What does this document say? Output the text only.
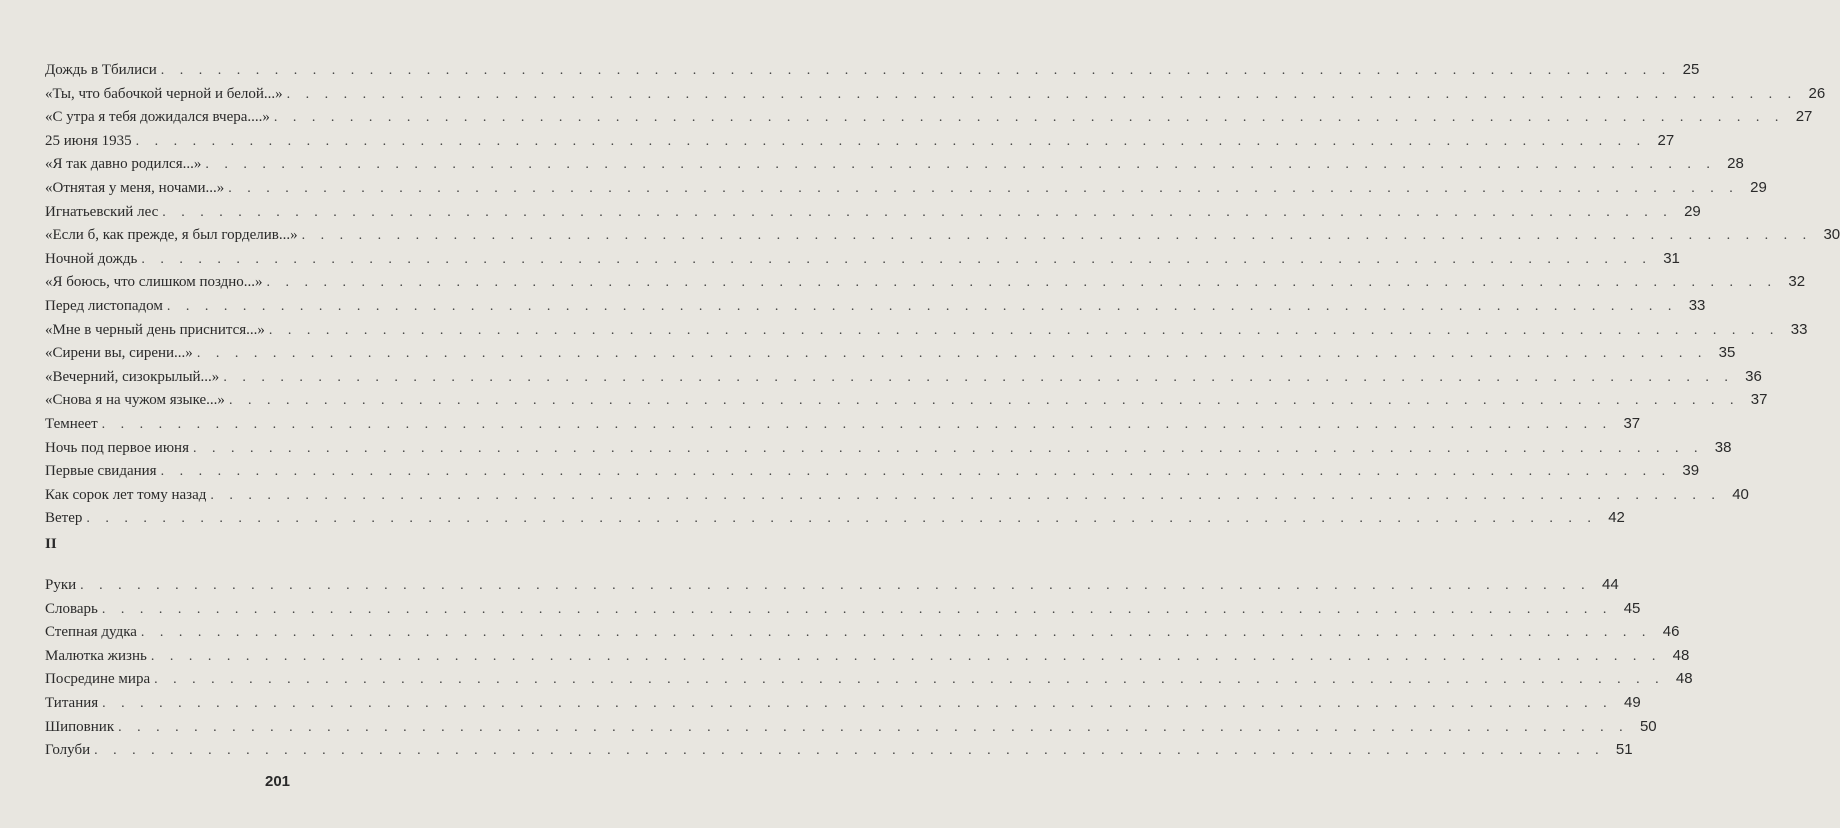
Дождь в Тбилиси . . . . . . . . . . . . . . . . . . . . . . . . . . . . . . . . . . . . . . . . . . . . . . . . . . . . . . . . . . . . . . . . . . . . . . . . . . . . . . . . 25
«Ты, что бабочкой черной и белой...» . . . . . . . . . . . . . . . . . . . . . . . . . . . . . . . . . . . . . . . . . . . . . . . . . . . . . . . . . . . . . . . . . . . . . . . . . . . . . . . . 26
«С утра я тебя дожидался вчера....» . . . . . . . . . . . . . . . . . . . . . . . . . . . . . . . . . . . . . . . . . . . . . . . . . . . . . . . . . . . . . . . . . . . . . . . . . . . . . . . . 27
25 июня 1935 . . . . . . . . . . . . . . . . . . . . . . . . . . . . . . . . . . . . . . . . . . . . . . . . . . . . . . . . . . . . . . . . . . . . . . . . . . . . . . . . 27
«Я так давно родился...» . . . . . . . . . . . . . . . . . . . . . . . . . . . . . . . . . . . . . . . . . . . . . . . . . . . . . . . . . . . . . . . . . . . . . . . . . . . . . . . . 28
«Отнятая у меня, ночами...» . . . . . . . . . . . . . . . . . . . . . . . . . . . . . . . . . . . . . . . . . . . . . . . . . . . . . . . . . . . . . . . . . . . . . . . . . . . . . . . . 29
Игнатьевский лес . . . . . . . . . . . . . . . . . . . . . . . . . . . . . . . . . . . . . . . . . . . . . . . . . . . . . . . . . . . . . . . . . . . . . . . . . . . . . . . . 29
«Если б, как прежде, я был горделив...» . . . . . . . . . . . . . . . . . . . . . . . . . . . . . . . . . . . . . . . . . . . . . . . . . . . . . . . . . . . . . . . . . . . . . . . . . . . . . . . . 30
Ночной дождь . . . . . . . . . . . . . . . . . . . . . . . . . . . . . . . . . . . . . . . . . . . . . . . . . . . . . . . . . . . . . . . . . . . . . . . . . . . . . . . . 31
«Я боюсь, что слишком поздно...» . . . . . . . . . . . . . . . . . . . . . . . . . . . . . . . . . . . . . . . . . . . . . . . . . . . . . . . . . . . . . . . . . . . . . . . . . . . . . . . . 32
Перед листопадом . . . . . . . . . . . . . . . . . . . . . . . . . . . . . . . . . . . . . . . . . . . . . . . . . . . . . . . . . . . . . . . . . . . . . . . . . . . . . . . . 33
«Мне в черный день приснится...» . . . . . . . . . . . . . . . . . . . . . . . . . . . . . . . . . . . . . . . . . . . . . . . . . . . . . . . . . . . . . . . . . . . . . . . . . . . . . . . . 33
«Сирени вы, сирени...» . . . . . . . . . . . . . . . . . . . . . . . . . . . . . . . . . . . . . . . . . . . . . . . . . . . . . . . . . . . . . . . . . . . . . . . . . . . . . . . . 35
«Вечерний, сизокрылый...» . . . . . . . . . . . . . . . . . . . . . . . . . . . . . . . . . . . . . . . . . . . . . . . . . . . . . . . . . . . . . . . . . . . . . . . . . . . . . . . . 36
«Снова я на чужом языке...» . . . . . . . . . . . . . . . . . . . . . . . . . . . . . . . . . . . . . . . . . . . . . . . . . . . . . . . . . . . . . . . . . . . . . . . . . . . . . . . . 37
Темнеет . . . . . . . . . . . . . . . . . . . . . . . . . . . . . . . . . . . . . . . . . . . . . . . . . . . . . . . . . . . . . . . . . . . . . . . . . . . . . . . . 37
Ночь под первое июня . . . . . . . . . . . . . . . . . . . . . . . . . . . . . . . . . . . . . . . . . . . . . . . . . . . . . . . . . . . . . . . . . . . . . . . . . . . . . . . . 38
Первые свидания . . . . . . . . . . . . . . . . . . . . . . . . . . . . . . . . . . . . . . . . . . . . . . . . . . . . . . . . . . . . . . . . . . . . . . . . . . . . . . . . 39
Как сорок лет тому назад . . . . . . . . . . . . . . . . . . . . . . . . . . . . . . . . . . . . . . . . . . . . . . . . . . . . . . . . . . . . . . . . . . . . . . . . . . . . . . . . 40
Ветер . . . . . . . . . . . . . . . . . . . . . . . . . . . . . . . . . . . . . . . . . . . . . . . . . . . . . . . . . . . . . . . . . . . . . . . . . . . . . . . . 42
II
Руки . . . . . . . . . . . . . . . . . . . . . . . . . . . . . . . . . . . . . . . . . . . . . . . . . . . . . . . . . . . . . . . . . . . . . . . . . . . . . . . . 44
Словарь . . . . . . . . . . . . . . . . . . . . . . . . . . . . . . . . . . . . . . . . . . . . . . . . . . . . . . . . . . . . . . . . . . . . . . . . . . . . . . . . 45
Степная дудка . . . . . . . . . . . . . . . . . . . . . . . . . . . . . . . . . . . . . . . . . . . . . . . . . . . . . . . . . . . . . . . . . . . . . . . . . . . . . . . . 46
Малютка жизнь . . . . . . . . . . . . . . . . . . . . . . . . . . . . . . . . . . . . . . . . . . . . . . . . . . . . . . . . . . . . . . . . . . . . . . . . . . . . . . . . 48
Посредине мира . . . . . . . . . . . . . . . . . . . . . . . . . . . . . . . . . . . . . . . . . . . . . . . . . . . . . . . . . . . . . . . . . . . . . . . . . . . . . . . . 48
Титания . . . . . . . . . . . . . . . . . . . . . . . . . . . . . . . . . . . . . . . . . . . . . . . . . . . . . . . . . . . . . . . . . . . . . . . . . . . . . . . . 49
Шиповник . . . . . . . . . . . . . . . . . . . . . . . . . . . . . . . . . . . . . . . . . . . . . . . . . . . . . . . . . . . . . . . . . . . . . . . . . . . . . . . . 50
Голуби . . . . . . . . . . . . . . . . . . . . . . . . . . . . . . . . . . . . . . . . . . . . . . . . . . . . . . . . . . . . . . . . . . . . . . . . . . . . . . . . 51

201
